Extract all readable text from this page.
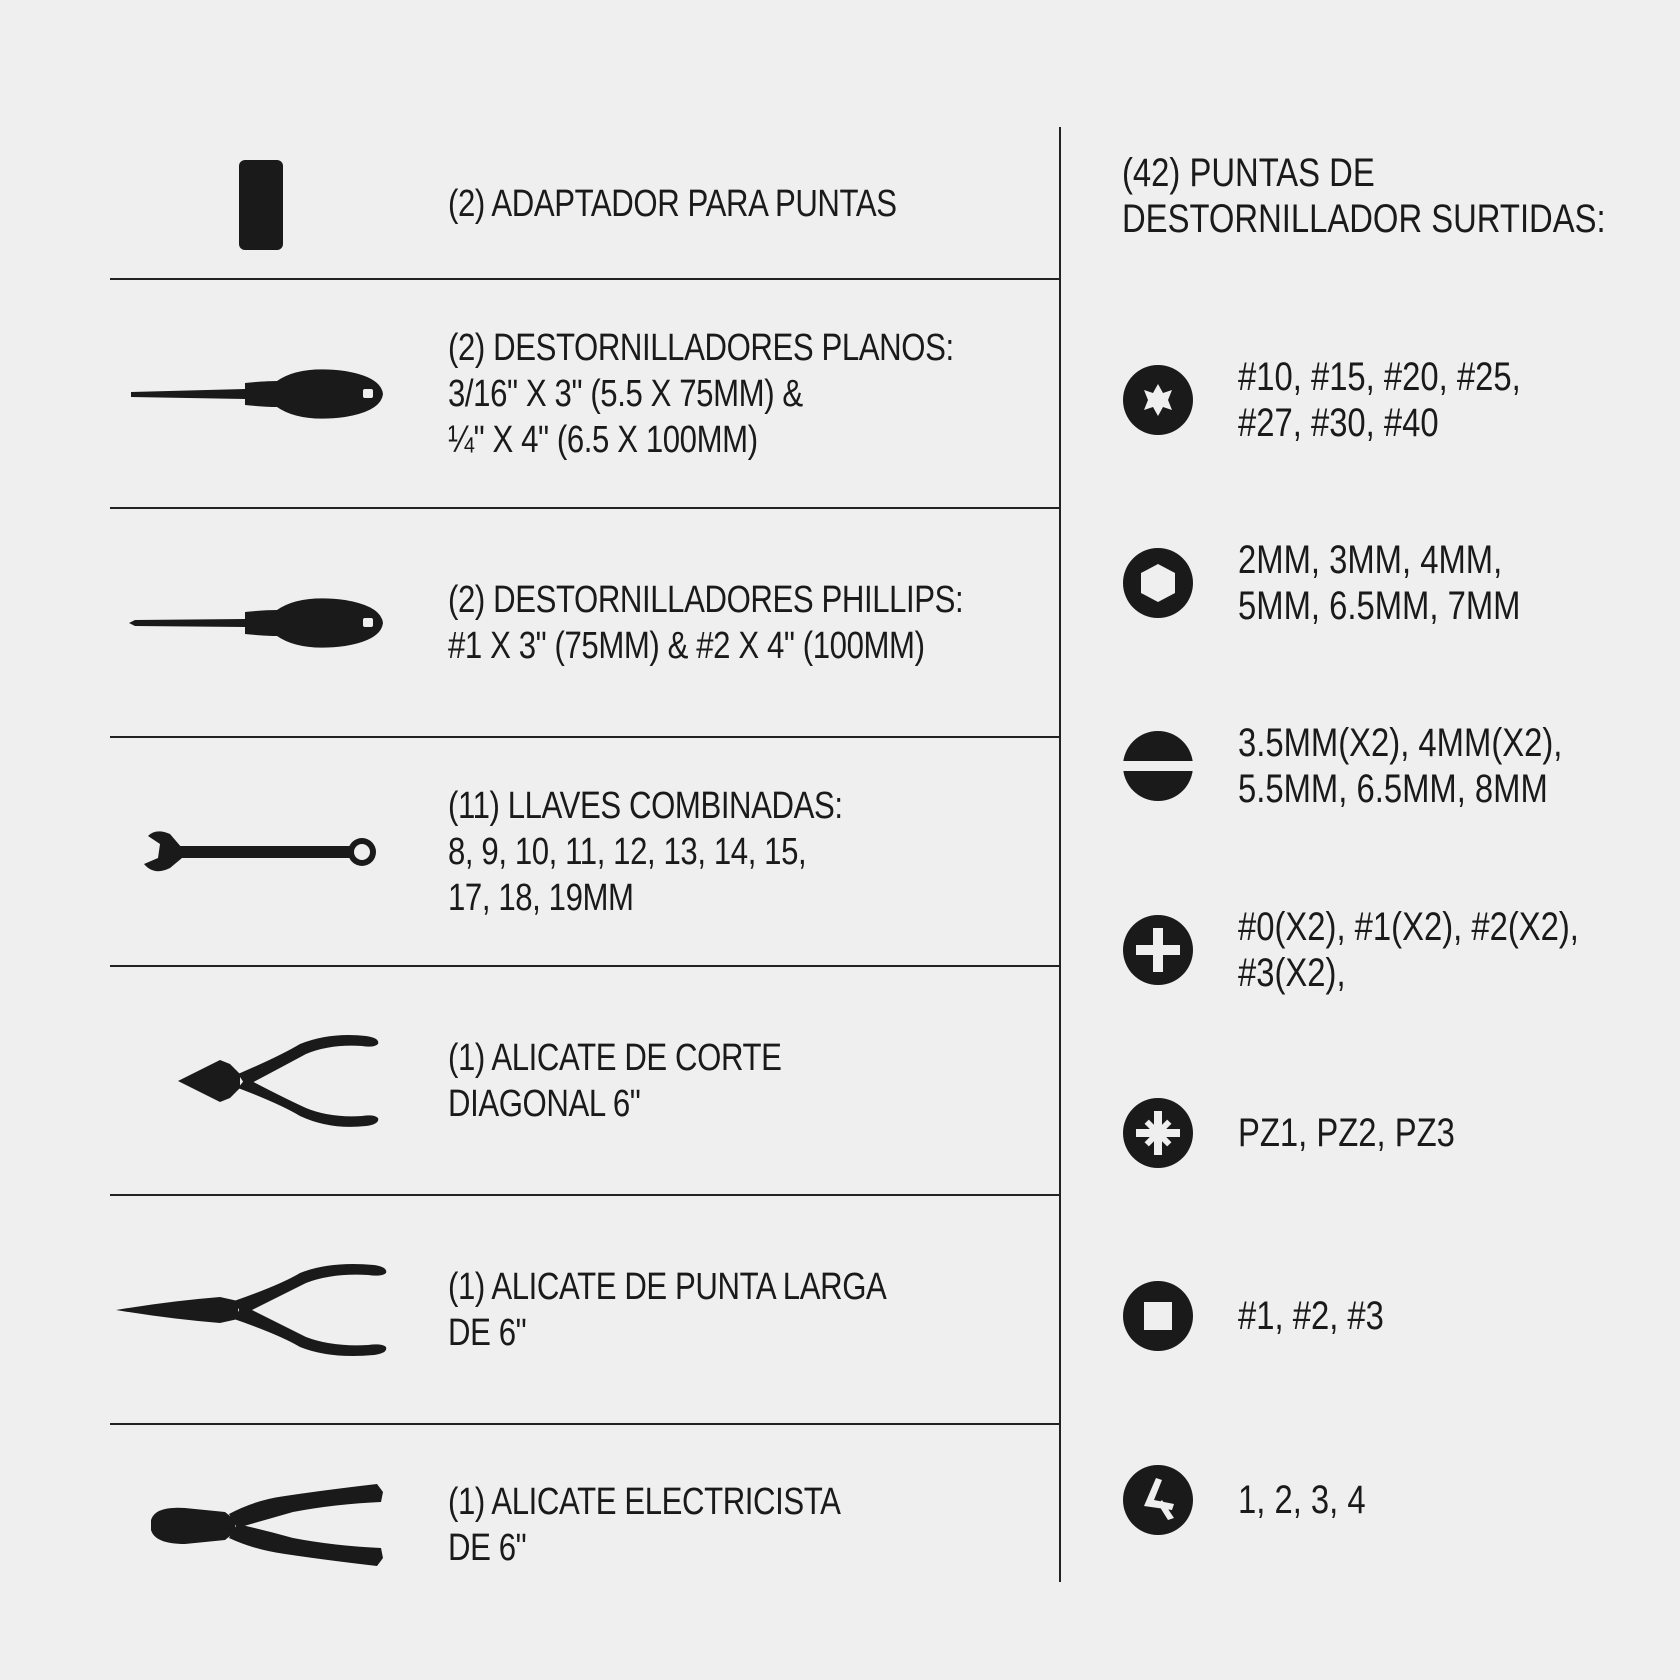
(2) ADAPTADOR PARA PUNTAS
(2) DESTORNILLADORES PLANOS:
3/16" X 3" (5.5 X 75MM) &
¼" X 4" (6.5 X 100MM)
(2) DESTORNILLADORES PHILLIPS:
#1 X 3" (75MM) & #2 X 4" (100MM)
(11) LLAVES COMBINADAS:
8, 9, 10, 11, 12, 13, 14, 15,
17, 18, 19MM
(1) ALICATE DE CORTE
DIAGONAL 6"
(1) ALICATE DE PUNTA LARGA
DE 6"
(1) ALICATE ELECTRICISTA
DE 6"
(42) PUNTAS DE
DESTORNILLADOR SURTIDAS:
#10, #15, #20, #25,
#27, #30, #40
2MM, 3MM, 4MM,
5MM, 6.5MM, 7MM
3.5MM(X2), 4MM(X2),
5.5MM, 6.5MM, 8MM
#0(X2), #1(X2), #2(X2),
#3(X2),
PZ1, PZ2, PZ3
#1, #2, #3
1, 2, 3, 4
